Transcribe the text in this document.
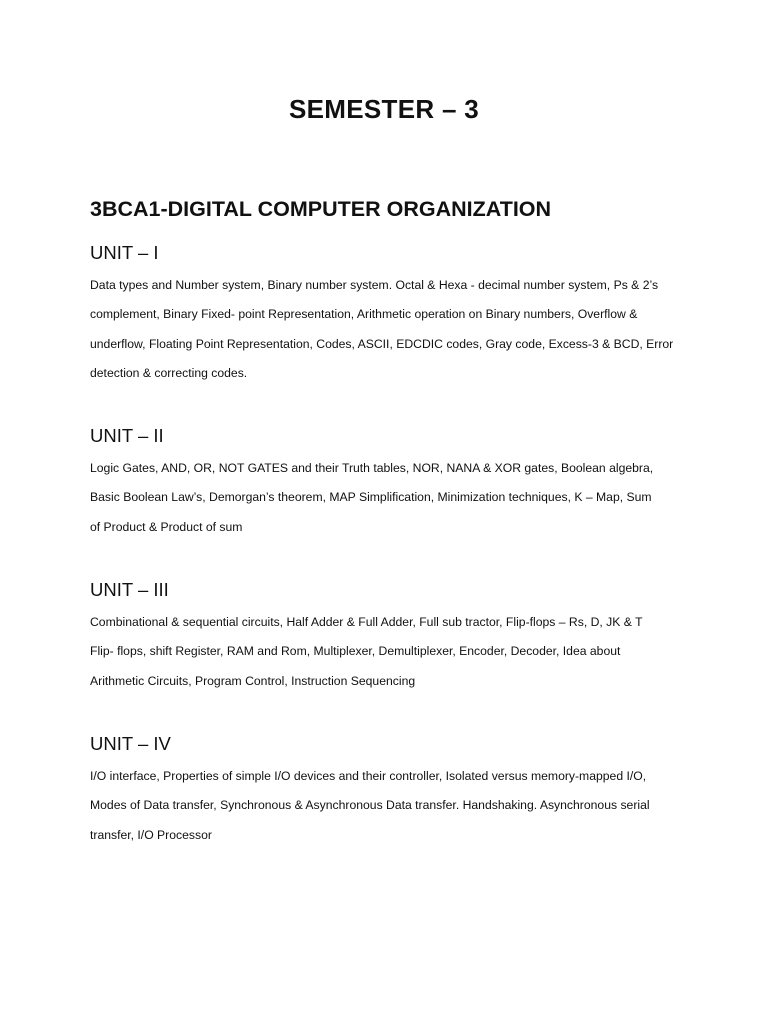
SEMESTER – 3
3BCA1-DIGITAL COMPUTER ORGANIZATION
UNIT – I
Data types and Number system, Binary number system. Octal & Hexa - decimal number system, Ps & 2’s
complement, Binary Fixed- point Representation, Arithmetic operation on Binary numbers, Overflow &
underflow, Floating Point Representation, Codes, ASCII, EDCDIC codes, Gray code, Excess-3 & BCD, Error
detection & correcting codes.
UNIT – II
Logic Gates, AND, OR, NOT GATES and their Truth tables, NOR, NANA & XOR gates, Boolean algebra,
Basic Boolean Law’s, Demorgan’s theorem, MAP Simplification, Minimization techniques, K – Map, Sum
of Product & Product of sum
UNIT – III
Combinational & sequential circuits, Half Adder & Full Adder, Full sub tractor, Flip-flops – Rs, D, JK & T
Flip- flops, shift Register, RAM and Rom, Multiplexer, Demultiplexer, Encoder, Decoder, Idea about
Arithmetic Circuits, Program Control, Instruction Sequencing
UNIT – IV
I/O interface, Properties of simple I/O devices and their controller, Isolated versus memory-mapped I/O,
Modes of Data transfer, Synchronous & Asynchronous Data transfer. Handshaking. Asynchronous serial
transfer, I/O Processor
